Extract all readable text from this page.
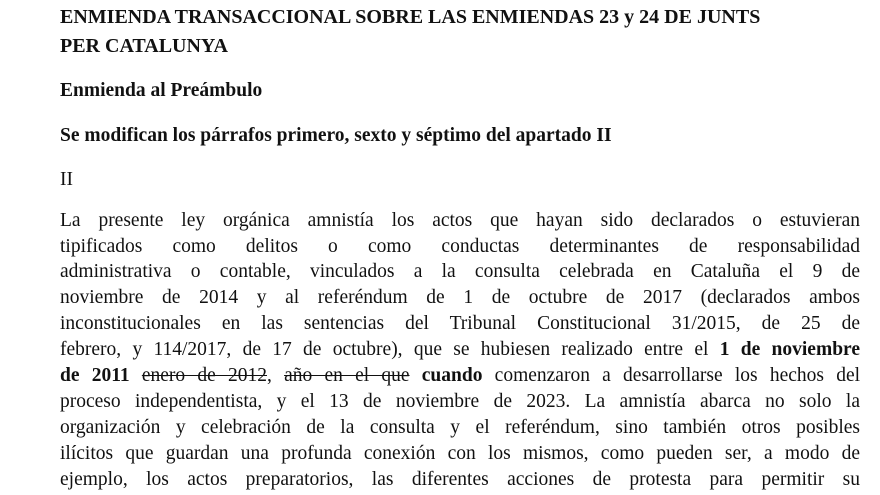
ENMIENDA TRANSACCIONAL SOBRE LAS ENMIENDAS 23 y 24 DE JUNTS
PER CATALUNYA
Enmienda al Preámbulo
Se modifican los párrafos primero, sexto y séptimo del apartado II
II
La presente ley orgánica amnistía los actos que hayan sido declarados o estuvieran
tipificados como delitos o como conductas determinantes de responsabilidad
administrativa o contable, vinculados a la consulta celebrada en Cataluña el 9 de
noviembre de 2014 y al referéndum de 1 de octubre de 2017 (declarados ambos
inconstitucionales en las sentencias del Tribunal Constitucional 31/2015, de 25 de
febrero, y 114/2017, de 17 de octubre), que se hubiesen realizado entre el 1 de noviembre
de 2011 enero de 2012, año en el que cuando comenzaron a desarrollarse los hechos del
proceso independentista, y el 13 de noviembre de 2023. La amnistía abarca no solo la
organización y celebración de la consulta y el referéndum, sino también otros posibles
ilícitos que guardan una profunda conexión con los mismos, como pueden ser, a modo de
ejemplo, los actos preparatorios, las diferentes acciones de protesta para permitir su
